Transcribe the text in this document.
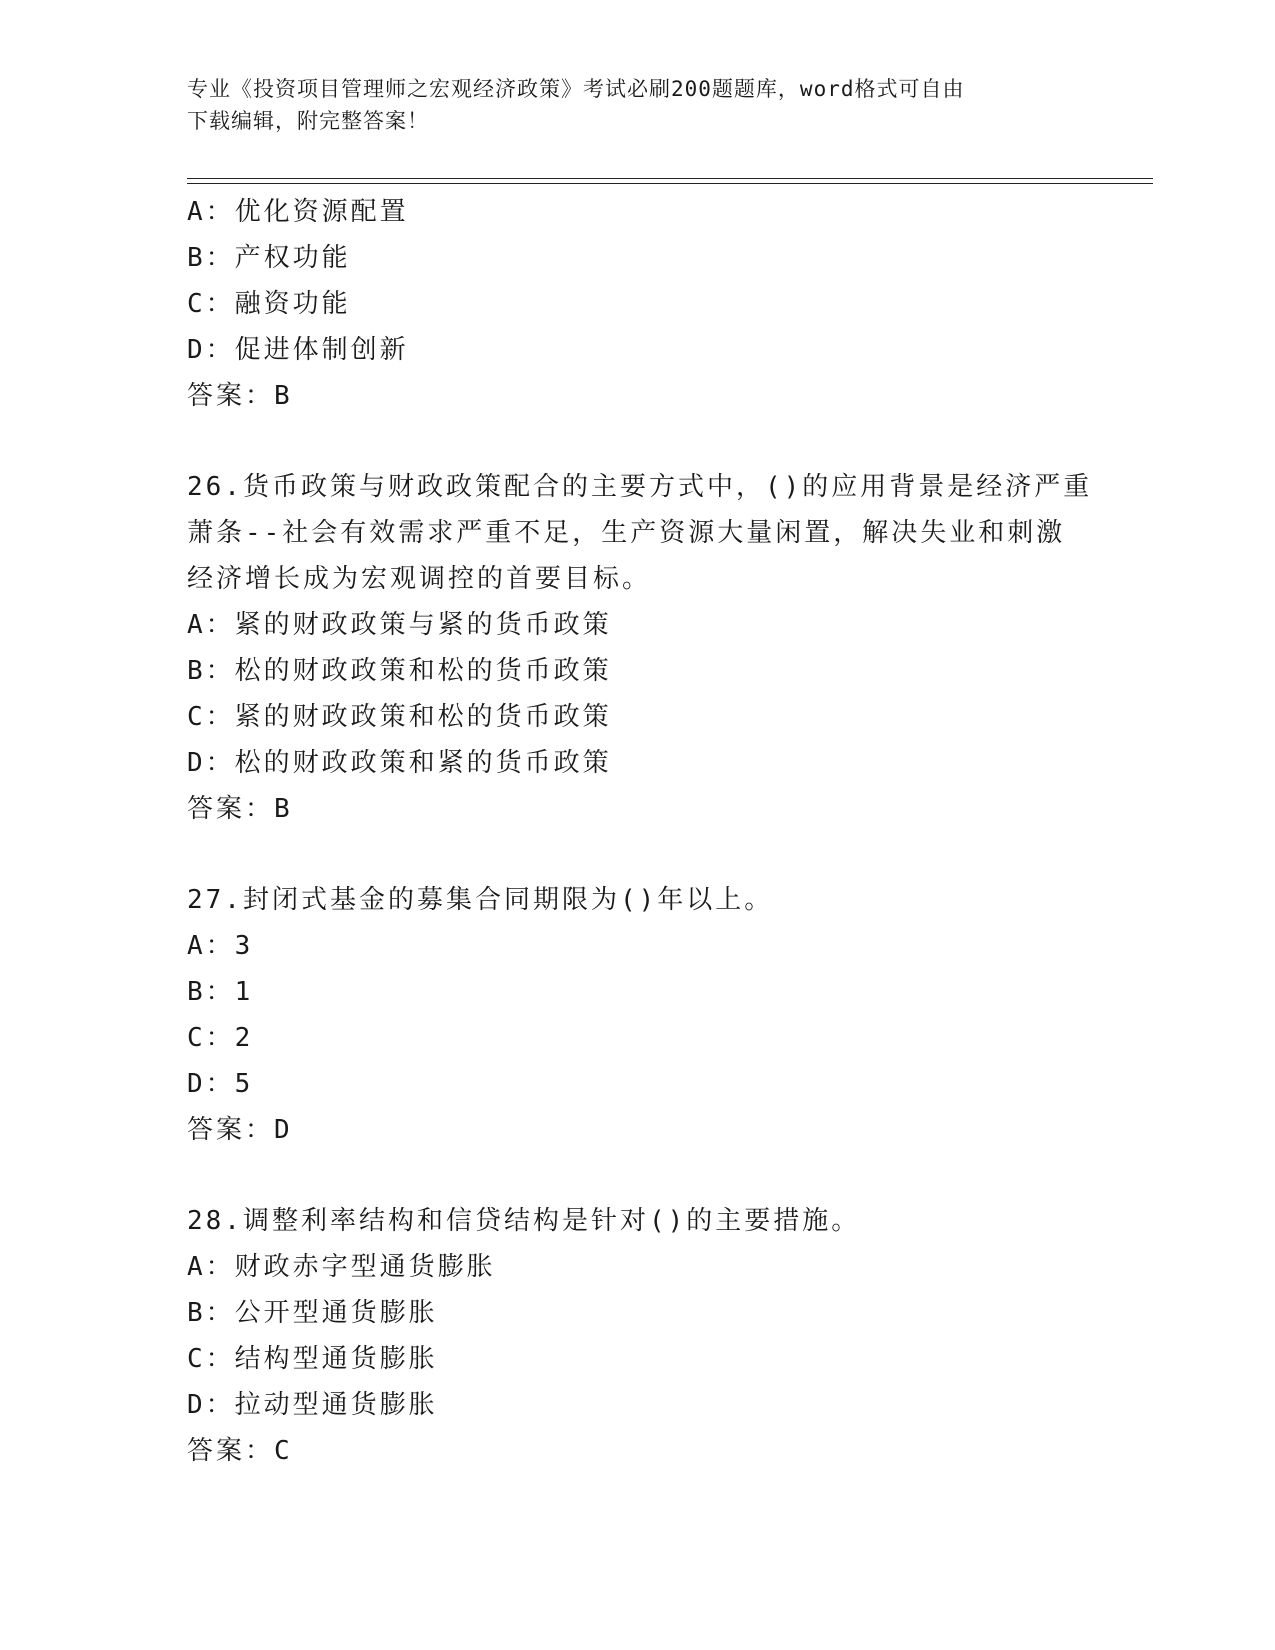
专业《投资项目管理师之宏观经济政策》考试必刷200题题库，word格式可自由
下载编辑，附完整答案！
A：优化资源配置
B：产权功能
C：融资功能
D：促进体制创新
答案：B
26.货币政策与财政政策配合的主要方式中，()的应用背景是经济严重
萧条--社会有效需求严重不足，生产资源大量闲置，解决失业和刺激
经济增长成为宏观调控的首要目标。
A：紧的财政政策与紧的货币政策
B：松的财政政策和松的货币政策
C：紧的财政政策和松的货币政策
D：松的财政政策和紧的货币政策
答案：B
27.封闭式基金的募集合同期限为()年以上。
A：3
B：1
C：2
D：5
答案：D
28.调整利率结构和信贷结构是针对()的主要措施。
A：财政赤字型通货膨胀
B：公开型通货膨胀
C：结构型通货膨胀
D：拉动型通货膨胀
答案：C
